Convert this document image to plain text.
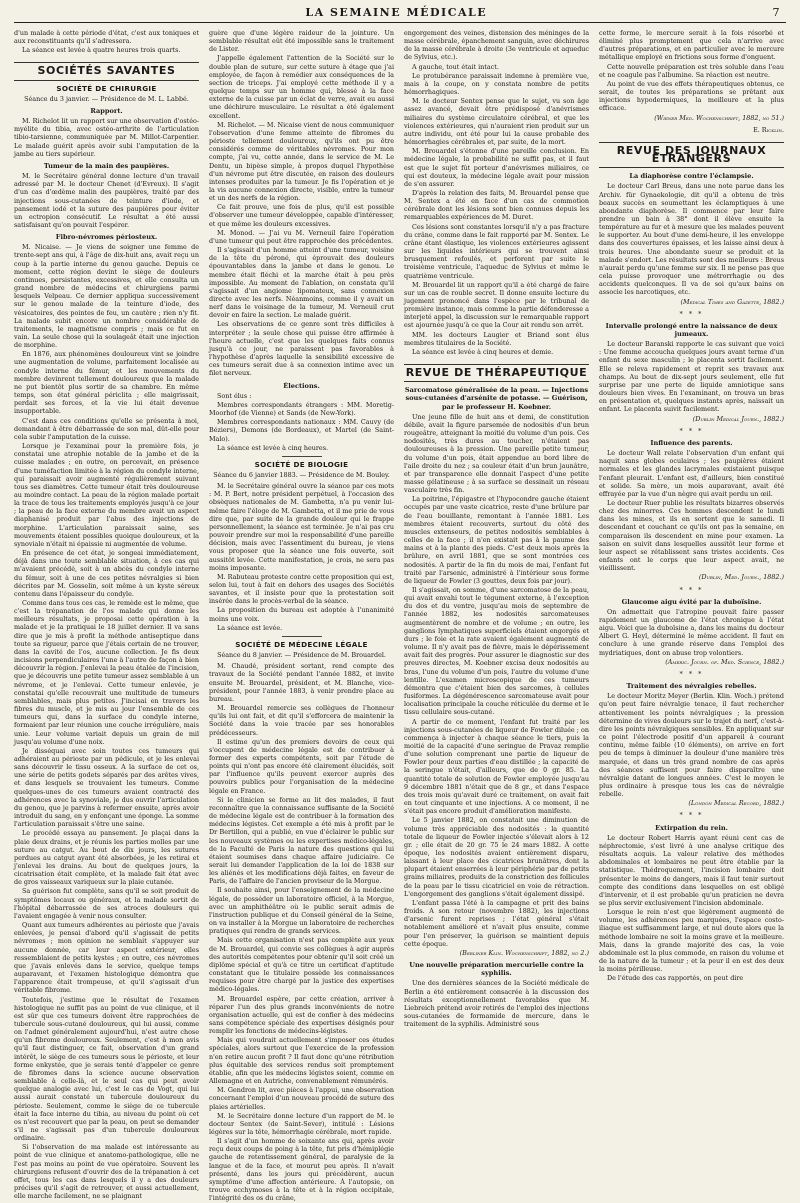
LA SEMAINE MÉDICALE	7

d'un malade à cette période d'état, c'est aux toniques et aux reconstituants qu'il s'adressera.

La séance est levée à quatre heures trois quarts.

SOCIÉTÉS SAVANTES
SOCIÉTÉ DE CHIRURGIE
Séance du 3 janvier. — Présidence de M. L. Labbé.
Rapport.

M. Richelot lit un rapport sur une observation d'ostéo-myélite du tibia, avec ostéo-arthrite de l'articulation tibio-tarsienne, communiquée par M. Millot-Carpentier. Le malade guérit après avoir subi l'amputation de la jambe au tiers supérieur.

Tumeur de la main des paupières.

M. le Secrétaire général donne lecture d'un travail adressé par M. le docteur Chenet (d'Evreux). Il s'agit d'un cas d'œdème malin des paupières, traité par des injections sous-cutanées de teinture d'iode, et pansement iodé et la suture des paupières pour éviter un ectropion consécutif. Le résultat a été aussi satisfaisant qu'on pouvait l'espérer.

Fibro-névromes périosteux.

M. Nicaise. — Je viens de soigner une femme de trente-sept ans qui, à l'âge de dix-huit ans, avait reçu un coup à la partie interne du genou gauche. Depuis ce moment, cette région devint le siège de douleurs continues, persistantes, excessives, et elle consulta un grand nombre de médecins et chirurgiens parmi lesquels Velpeau. Ce dernier appliqua successivement sur le genou malade de la teinture d'iode, des vésicatoires, des pointes de feu, un cautère ; rien n'y fit. La malade subit encore un nombre considérable de traitements, le magnétisme compris ; mais ce fut en vain. La seule chose qui la soulageât était une injection de morphine.

En 1876, aux phénomènes douloureux vint se joindre une augmentation de volume, parfaitement localisée au condyle interne du fémur, et les mouvements du membre devinrent tellement douloureux que la malade ne put bientôt plus sortir de sa chambre. En même temps, son état général périclita ; elle maigrissait, perdait ses forces, et la vie lui était devenue insupportable.

C'est dans ces conditions qu'elle se présenta à moi, demandant à être débarrassée de son mal, dût-elle pour cela subir l'amputation de la cuisse.

Lorsque je l'examinai pour la première fois, je constatai une atrophie notable de la jambe et de la cuisse malades ; en outre, on percevait, en présence d'une tuméfaction limitée à la région du condyle interne, qui paraissait avoir augmenté régulièrement suivant tous ses diamètres. Cette tumeur était très douloureuse au moindre contact. La peau de la région malade portait la trace de tous les traitements employés jusqu'à ce jour ; la peau de la face externe du membre avait un aspect diaphanisé produit par l'abus des injections de morphine. L'articulation paraissait saine, ses mouvements étaient possibles quoique douloureux, et la synoviale n'était ni épaissie ni augmentée de volume.

En présence de cet état, je songeai immédiatement, déjà dans une toute semblable situation, à ces cas qui m'avaient précédé, soit à un abcès du condyle interne du fémur, soit à une de ces petites névralgies si bien décrites par M. Gosselin, soit même à un kyste séreux contenu dans l'épaisseur du condyle.

Comme dans tous ces cas, le remède est le même, que c'est la trépanation de l'os malade qui donne les meilleurs résultats, je proposai cette opération à la malade et je la pratiquai le 18 juillet dernier. Il va sans dire que je mis à profit la méthode antiseptique dans toute sa rigueur, parce que j'étais certain de ne trouver, dans la cavité de l'os, aucune collection. Je fis deux incisions perpendiculaires l'une à l'autre de façon à bien découvrir la région. J'enlevai la peau étalée de l'incision, que je découvris une petite tumeur assez semblable à un névrome, et je l'enlevai. Cette tumeur enlevée, je constatai qu'elle recouvrait une multitude de tumeurs semblables, mais plus petites. J'incisai en travers les fibres du muscle, et je mis au jour l'ensemble de ces tumeurs qui, dans la surface du condyle interne, formaient par leur réunion une couche irrégulière, mais unie. Leur volume variait depuis un grain de mil jusqu'au volume d'une noix.

Je disséquai avec soin toutes ces tumeurs qui adhéraient au périoste par un pédicule, et je les enlevai sans découvrir le tissu osseux. A la surface de cet os, une série de petits godets séparés par des arêtes vives, et dans lesquels se trouvaient les tumeurs. Comme quelques-unes de ces tumeurs avaient contracté des adhérences avec la synoviale, je dus ouvrir l'articulation du genou, que je parvins à refermer ensuite, après avoir introduit du sang, en y enfonçant une éponge. La somme l'articulation paraissait s'être une saine.

Le procédé essaya au pansement. Je plaçai dans la plaie deux drains, et je réunis les parties molles par une suture au catgut. Au bout de dix jours, les sutures perdues au catgut ayant été absorbées, je les retirai et j'enlevai les drains. Au bout de quelques jours, la cicatrisation était complète, et la malade fait état avec de gros vaisseaux variqueux sur la plaie cutanée.

Sa guérison fut complète, sans qu'il se soit produit de symptômes locaux ou généraux, et la malade sortit de l'hôpital débarrassée de ses atroces douleurs qui l'avaient engagée à venir nous consulter.

Quant aux tumeurs adhérentes au périoste que j'avais enlevées, je pensai d'abord qu'il s'agissait de petits névromes ; mon opinion ne semblait s'appuyer sur aucune donnée, car leur aspect extérieur, elles ressemblaient de petits kystes ; en outre, ces névromes que j'avais enlevés dans le service, quelque temps auparavant, et l'examen histologique démontra que l'apparence était trompeuse, et qu'il s'agissait d'un véritable fibrome.

Toutefois, j'estime que le résultat de l'examen histologique ne suffit pas au point de vue clinique, et il est sûr que ces tumeurs doivent être rapprochées de tubercule sous-cutané douloureux, qui lui aussi, comme on l'admet généralement aujourd'hui, n'est autre chose qu'un fibrome douloureux. Seulement, c'est à mon avis qu'il faut distinguer, ce fait, observation d'un grand intérêt, le siège de ces tumeurs sous le périoste, et leur forme enkystée, que je serais tenté d'appeler ce genre de fibromes dans la science aucune observation semblable à celle-là, et le seul cas qui peut avoir quelque analogie avec lui, c'est le cas de Vogt, qui lui aussi aurait constaté un tubercule douloureux du périoste. Seulement, comme le siège de ce tubercule était la face interne du tibia, au niveau du point où cet os n'est recouvert que par la peau, on peut se demander s'il ne s'agissait pas d'un tubercule douloureux ordinaire.

Si l'observation de ma malade est intéressante au point de vue clinique et anatomo-pathologique, elle ne l'est pas moins au point de vue opératoire. Souvent les chirurgiens refusent d'ouvrir des de la trépanation à cet effet, tous les cas dans lesquels il y a des douleurs précises qu'il s'agit de retrouver, et aussi actuellement, elle marche facilement, ne se plaignant

guère que d'une légère raideur de la jointure. Un semblable résultat eût été impossible sans le traitement de Lister.

J'appelle également l'attention de la Société sur le double plan de suture, sur cette suture à étage que j'ai employée, de façon à remédier aux conséquences de la section de triceps. J'ai employé cette méthode il y a quelque temps sur un homme qui, blessé à la face externe de la cuisse par un éclat de verre, avait eu aussi une déchirure musculaire. Le résultat a été également excellent.

M. Richelot. — M. Nicaise vient de nous communiquer l'observation d'une femme atteinte de fibromes du périoste tellement douloureux, qu'ils ont pu être considérés comme de véritables névromes. Pour mon compte, j'ai vu, cette année, dans le service de M. Le Dentu, un bipèse simple, à propos duquel l'hypothèse d'un névrome put être discutée, en raison des douleurs intenses produites par la tumeur. Je fis l'opération et je la vis aucune connexion directe, visible, entre la tumeur et un des nerfs de la région.

Ce fait prouve, une fois de plus, qu'il est possible d'observer une tumeur développée, capable d'intéresser, et que même les douleurs excessives.

M. Monod. — J'ai vu M. Verneuil faire l'opération d'une tumeur qui peut être rapprochée des précédentes.

Il s'agissait d'un homme atteint d'une tumeur, voisine de la tête du péroné, qui éprouvait des douleurs épouvantables dans la jambe et dans le genou. Le membre était fléchi et la marche était à peu près impossible. Au moment de l'ablation, on constata qu'il s'agissait d'un angiome lipomateux, sans connexion directe avec les nerfs. Néanmoins, comme il y avait un nerf dans le voisinage de la tumeur, M. Verneuil crut devoir en faire la section. Le malade guérit.

Les observations de ce genre sont très difficiles à interpréter ; la seule chose qui puisse être affirmée à l'heure actuelle, c'est que les quelques faits connus jusqu'à ce jour, ne paraissent pas favorables à l'hypothèse d'après laquelle la sensibilité excessive de ces tumeurs serait due à sa connexion intime avec un filet nerveux.

Élections.

Sont élus :

Membres correspondants étrangers : MM. Moretig-Moorhof (de Vienne) et Sands (de New-York).

Membres correspondants nationaux : MM. Cauvy (de Béziers), Demons (de Bordeaux), et Martel (de Saint-Malo).

La séance est levée à cinq heures.

SOCIÉTÉ DE BIOLOGIE
Séance du 6 janvier 1883. — Présidence de M. Bouley.

M. le Secrétaire général ouvre la séance par ces mots : M. P. Bert, notre président perpétuel, à l'occasion des obsèques nationales de M. Gambetta, n'a pu venir lui-même faire l'éloge de M. Gambetta, et il me prie de vous dire que, par suite de la grande douleur qui le frappe personnellement, la séance est terminée. Je n'ai pas cru pouvoir prendre sur moi la responsabilité d'une pareille décision, mais avec l'assentiment du bureau, je viens vous proposer que la séance une fois ouverte, soit aussitôt levée. Cette manifestation, je crois, ne sera pas moins imposante.

M. Rabuteau proteste contre cette proposition qui est, selon lui, tout à fait en dehors des usages des Sociétés savantes, et il insiste pour que la protestation soit insérée dans le procès-verbal de la séance.

La proposition du bureau est adoptée à l'unanimité moins une voix.

La séance est levée.

SOCIÉTÉ DE MÉDECINE LÉGALE
Séance du 8 janvier. — Présidence de M. Brouardel.

M. Chaudé, président sortant, rend compte des travaux de la Société pendant l'année 1882, et invite ensuite M. Brouardel, président, et M. Blanche, vice-président, pour l'année 1883, à venir prendre place au bureau.

M. Brouardel remercie ses collègues de l'honneur qu'ils lui ont fait, et dit qu'il s'efforcera de maintenir la Société dans la voie tracée par ses honorables prédécesseurs.

Il estime qu'un des premiers devoirs de ceux qui s'occupent de médecine légale est de contribuer à former des experts compétents, soit par l'étude de points qui n'ont pas encore été clairement élucidés, soit par l'influence qu'ils peuvent exercer auprès des pouvoirs publics pour l'organisation de la médecine légale en France.

Si le clinicien se forme au lit des malades, il faut reconnaître que la connaissance suffisante de la Société de médecine légale est de contribuer à la formation des médecins légistes. Cet exemple a été mis à profit par le Dr Bertillon, qui a publié, en vue d'éclairer le public sur les nouveaux systèmes ou les expertises médico-légales, de la Faculté de Paris la nature des questions qui lui étaient soumises dans chaque affaire judiciaire. Ce serait lui demander l'application de la loi de 1838 sur les aliénés et les modifications déjà faites, en faveur de Paris, de l'affaire de l'ancien proviseur de la Morgue.

Il souhaite ainsi, pour l'enseignement de la médecine légale, de posséder un laboratoire officiel, à la Morgue, avec un amphithéâtre où le public serait admis de l'instruction publique et du Conseil général de la Seine, on va installer à la Morgue un laboratoire de recherches pratiques qui rendra de grands services.

Mais cette organisation n'est pas complète aux yeux de M. Brouardel, qui convie ses collègues à agir auprès des autorités compétentes pour obtenir qu'il soit créé un diplôme spécial et qu'à ce titre un certificat d'aptitude constatant que le titulaire possède les connaissances requises pour être chargé par la justice des expertises médico-légales.

M. Brouardel espère, par cette création, arriver à réparer l'un des plus grands inconvénients de notre organisation actuelle, qui est de confier à des médecins sans compétence spéciale des expertises désignés pour remplir les fonctions de médecins-légistes.

Mais qui voudrait actuellement s'imposer ces études spéciales, alors surtout que l'exercice de la profession n'en retire aucun profit ? Il faut donc qu'une rétribution plus équitable des services rendus soit promptement établie, afin que les médecins légistes soient, comme en Allemagne et en Autriche, convenablement rémunérés.

M. Gendron lit, avec pièces à l'appui, une observation concernant l'emploi d'un nouveau procédé de suture des plaies artérielles.

M. le Secrétaire donne lecture d'un rapport de M. le docteur Sentex (de Saint-Sever), intitulé : Lésions légères sur la tête, hémorrhagie cérébrale, mort rapide.

Il s'agit d'un homme de soixante ans qui, après avoir reçu deux coups de poing à la tête, fut pris d'hémiplégie gauche de retentissement général, de paralysie de la langue et de la face, et mourut peu après. Il n'avait présenté, dans les jours qui précédèrent, aucun symptôme d'une affection antérieure. À l'autopsie, on trouve ecchymoses à la tête et à la région occipitale, l'intégrité des os du crâne,

engorgement des veines, distension des méninges de la masse cérébrale, épanchement sanguin, avec déchirures de la masse cérébrale à droite (3e ventricule et aqueduc de Sylvius, etc.).

A gauche, tout était intact.

Le protubérance paraissait indemne à première vue, mais à la coupe, on y constata nombre de petits hémorrhagiques.

M. le docteur Sentex pense que le sujet, vu son âge assez avancé, devait être prédisposé d'anévrismes miliaires du système circulatoire cérébral, et que les violences extérieures, qui n'auraient rien produit sur un autre individu, ont été pour lui la cause probable des hémorrhagies cérébrales et, par suite, de la mort.

M. Brouardel s'étonne d'une pareille conclusion. En médecine légale, la probabilité ne suffit pas, et il faut est que le sujet fût porteur d'anévrismes miliaires, ce qui est douteux, la médecine légale avait pour mission de s'en assurer.

D'après la relation des faits, M. Brouardel pense que M. Sentex a été en face d'un cas de commotion cérébrale dont les lésions sont bien connues depuis les remarquables expériences de M. Duret.

Ces lésions sont constantes lorsqu'il n'y a pas fracture du crâne, comme dans le fait rapporté par M. Sentex. Le crâne étant élastique, les violences extérieures agissent sur les liquides intérieurs qui se trouvent ainsi brusquement refoulés, et perforent par suite le troisième ventricule, l'aqueduc de Sylvius et même le quatrième ventricule.

M. Brouardel lit un rapport qu'il a été chargé de faire sur un cas de rouble secret. Il donne ensuite lecture du jugement prononcé dans l'espèce par le tribunal de première instance, mais comme la partie défenderesse a interjeté appel, la discussion sur le remarquable rapport est ajournée jusqu'à ce que la Cour ait rendu son arrêt.

MM. les docteurs Laugier et Briand sont élus membres titulaires de la Société.

La séance est levée à cinq heures et demie.

REVUE DE THÉRAPEUTIQUE
Sarcomatose généralisée de la peau. — Injections sous-cutanées d'arsénite de potasse. — Guérison, par le professeur H. Koebner.

Une jeune fille de huit ans et demi, de constitution débile, avait la figure parsemée de nodosités d'un brun rougeâtre, atteignant la moitié du volume d'un pois. Ces nodosités, très dures au toucher, n'étaient pas douloureuses à la pression. Une pareille petite tumeur, du volume d'un pois, était appendue au bord libre de l'aile droite du nez ; sa couleur était d'un brun jaunâtre, et par transparence elle donnait l'aspect d'une petite masse gélatineuse ; à sa surface se dessinait un réseau vasculaire très fin.

La poitrine, l'épigastre et l'hypocondre gauche étaient occupés par une vaste cicatrice, reste d'une brûlure par de l'eau bouillante, remontant à l'année 1881. Les membres étaient recouverts, surtout du côté des muscles extenseurs, de petites nodosités semblables à celles de la face ; il n'en existait pas à la paume des mains et à la plante des pieds. C'est deux mois après la brûlure, en avril 1881, que se sont montrées ces nodosités. A partir de la fin du mois de mai, l'enfant fut traité par l'arsenic, administré à l'intérieur sous forme de liqueur de Fowler (3 gouttes, deux fois par jour).

Il s'agissait, on somme, d'une sarcomatose de la peau, qui avait envahi tout le tégument externe, à l'exception du dos et du ventre, jusqu'au mois de septembre de l'année 1882, les nodosités sarcomateuses augmentèrent de nombre et de volume ; en outre, les ganglions lymphatiques superficiels étaient engorgés et durs ; le foie et la rate avaient également augmenté de volume. Il n'y avait pas de fièvre, mais le dépérissement avait fait des progrès. Pour assurer le diagnostic sur des preuves directes, M. Koebner excisa deux nodosités au bras, l'une du volume d'un pois, l'autre du volume d'une lentille. L'examen microscopique de ces tumeurs démontra que c'étaient bien des sarcomes, à cellules fusiformes. La dégénérescence sarcomateuse avait pour localisation principale la couche réticulée du derme et le tissu cellulaire sous-cutané.

A partir de ce moment, l'enfant fut traité par les injections sous-cutanées de liqueur de Fowler diluée ; on commença à injecter à chaque séance le tiers, puis la moitié de la capacité d'une seringue de Pravaz remplie d'une solution comprenant une partie de liqueur de Fowler pour deux parties d'eau distillée ; la capacité de la seringue n'était, d'ailleurs, que de 0 gr. 85. La quantité totale de solution de Fowler employée jusqu'au 9 décembre 1881 n'était que de 8 gr., et dans l'espace des trois mois qu'avait duré ce traitement, on avait fait en tout cinquante et une injections. A ce moment, il ne s'était pas encore produit d'amélioration manifeste.

Le 5 janvier 1882, on constatait une diminution de volume très appréciable des nodosités : la quantité totale de liqueur de Fowler injectée s'élevait alors à 12 gr. ; elle était de 20 gr. 75 le 24 mars 1882. À cette époque, les nodosités avaient entièrement disparu, laissant à leur place des cicatrices brunâtres, dont la plupart étaient enserrées à leur périphérie par de petits grains miliaires, produits de la constriction des follicules de la peau par le tissu cicatriciel en voie de rétraction. L'engorgement des ganglions s'était également dissipé.

L'enfant passa l'été à la campagne et prit des bains froids. A son retour (novembre 1882), les injections d'arsenic furent reprises ; l'état général s'était notablement amélioré et n'avait plus ensuite, comme pour l'en préserver, la guérison se maintient depuis cette époque.

(Berliner Klin. Wochenschrift, 1882, no 2.)
Une nouvelle préparation mercurielle contre la syphilis.

Une des dernières séances de la Société médicale de Berlin a été entièrement consacrée à la discussion des résultats exceptionnellement favorables que M. Liebreich prétend avoir retirés de l'emploi des injections sous-cutanées de formamide de mercure, dans le traitement de la syphilis. Administré sous

cette forme, le mercure serait à la fois résorbé et éliminé plus promptement que cela n'arrive avec d'autres préparations, et en particulier avec le mercure métallique employé en frictions sous forme d'onguent.

Cette nouvelle préparation est très soluble dans l'eau et ne coagule pas l'albumine. Sa réaction est neutre.

Au point de vue des effets thérapeutiques obtenus, ce serait, de toutes les préparations se prêtant aux injections hypodermiques, la meilleure et la plus efficace.

(Wiener Med. Wochenschrift, 1882, no 51.)
E. Ricklin.
REVUE DES JOURNAUX ÉTRANGERS
La diaphorèse contre l'éclampsie.

Le docteur Carl Breus, dans une note parue dans les Archiv. für Gynaekologie, dit qu'il a obtenu de très beaux succès en soumettant les éclamptiques à une abondante diaphorèse. Il commence par leur faire prendre un bain à 38° dont il élève ensuite la température au fur et à mesure que les malades peuvent le supporter. Au bout d'une demi-heure, il les enveloppe dans des couvertures épaisses, et les laisse ainsi deux à trois heures. Une abondante sueur se produit et la malade s'endort. Les résultats sont des meilleurs : Breus n'aurait perdu qu'une femme sur six. Il ne pense pas que cela puisse provoquer une métrorrhagie ou des accidents quelconques. Il va de soi qu'aux bains on associe les narcotiques, etc.

(Medical Times and Gazette, 1882.)
* * *
Intervalle prolongé entre la naissance de deux jumeaux.

Le docteur Baranski rapporte le cas suivant que voici : Une femme accoucha quelques jours avant terme d'un enfant du sexe masculin ; le placenta sortit facilement. Elle se releva rapidement et reprit ses travaux aux champs. Au bout de dix-sept jours seulement, elle fut surprise par une perte de liquide amniotique sans douleurs bien vives. En l'examinant, on trouva un bras en présentation et, quelques instants après, naissait un enfant. Le placenta suivit facilement.

(Dublin Medical Journ., 1882.)
* * *
Influence des parents.

Le docteur Wall relate l'observation d'un enfant qui naquit sans globes oculaires ; les paupières étaient normales et les glandes lacrymales existaient puisque l'enfant pleurait. L'enfant est, d'ailleurs, bien constitué et solide. Sa mère, un mois auparavant, avait été effrayée par la vue d'un nègre qui avait perdu un œil.

Le docteur Ruer publie les résultats bizarres observés chez des minorres. Ces hommes descendent le lundi dans les mines, et ils en sortent que le samedi. Il descendant et couchant ce qu'ils ont pas la semaine, en comparaison ils descendent en mine pour examen. La saison en suivit dans lesquelles aussitôt leur forme et leur aspect se rétablissent sans tristes accidents. Ces enfants ont le corps que leur aspect avait, ne vieillissent.

(Dublin, Med. Journ., 1882.)
* * *
Glaucome aigu évité par la duboïsine.

On admettait que l'atropine pouvait faire passer rapidement un glaucome de l'état chronique à l'état aigu. Voici que la duboïsine a, dans les mains du docteur Albert G. Heyl, déterminé le même accident. Il faut en conclure à une grande réserve dans l'emploi des mydriatiques, dont on abuse trop volontiers.

(Americ. Journ. of. Med. Science, 1882.)
* * *
Traitement des névralgies rebelles.

Le docteur Moritz Meyer (Berlin. Klin. Woch.) prétend qu'on peut faire névralgie tenace, il faut rechercher attentivement les points névralgiques ; la pression détermine de vives douleurs sur le trajet du nerf, c'est-à-dire les points névralgiques sensibles. En appliquant sur ce point l'électrode positif d'un appareil à courant continu, même faible (10 éléments), on arrive en fort peu de temps à diminuer la douleur d'une manière très marquée, et dans un très grand nombre de cas après des séances suffisent pour faire disparaître une névralgie datant de longues années. C'est le moyen le plus ordinaire à presque tous les cas de névralgie rebelle.

(London Medical Record, 1882.)
* * *
Extirpation du rein.

Le docteur Robert Harris ayant réuni cent cas de néphrectomie, s'est livré à une analyse critique des résultats acquis. La valeur relative des méthodes abdominales et lombaires ne peut être établie par la statistique. Thédroquement, l'incision lombaire doit présenter le moins de dangers, mais il faut tenir surtout compte des conditions dans lesquelles on est obligé d'intervenir, et il est probable qu'un praticien ne devra se plus servir exclusivement l'incision abdominale.

Lorsque le rein n'est que légèrement augmenté de volume, les adhérences peu marquées, l'espace costo-iliaque est suffisamment large, et nul doute alors que la méthode lombaire ne soit la moins grave et la meilleure. Mais, dans la grande majorité des cas, la voie abdominale est la plus commode, en raison du volume et de la nature de la tumeur ; et la peur il en est des deux la moins périlleuse.

De l'étude des cas rapportés, on peut dire
